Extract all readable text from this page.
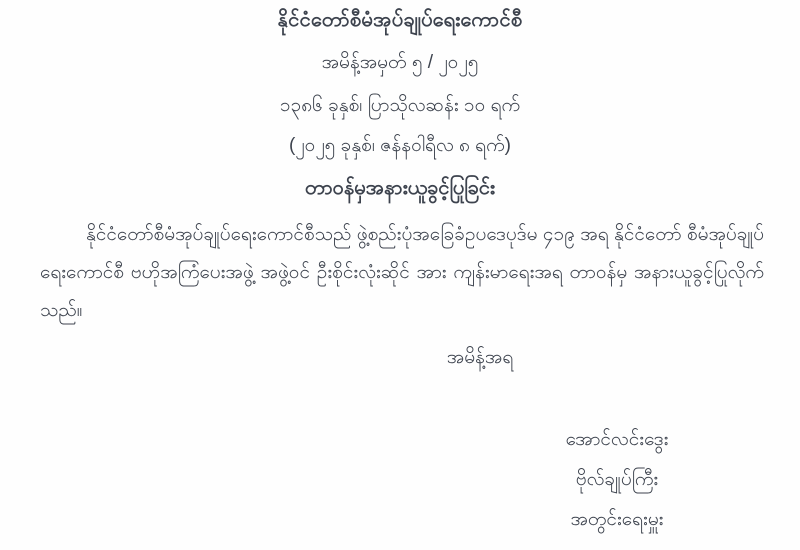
နိုင်ငံတော်စီမံအုပ်ချုပ်ရေးကောင်စီ
အမိန့်အမှတ် ၅ / ၂၀၂၅
၁၃၈၆ ခုနှစ်၊ ပြာသိုလဆန်း ၁၀ ရက်
(၂၀၂၅ ခုနှစ်၊ ဇန်နဝါရီလ ၈ ရက်)
တာဝန်မှအနားယူခွင့်ပြုခြင်း

နိုင်ငံတော်စီမံအုပ်ချုပ်ရေးကောင်စီသည် ဖွဲ့စည်းပုံအခြေခံဥပဒေပုဒ်မ ၄၁၉ အရ နိုင်ငံတော် စီမံအုပ်ချုပ်ရေးကောင်စီ ဗဟိုအကြံပေးအဖွဲ့ အဖွဲ့ဝင် ဦးစိုင်းလုံးဆိုင် အား ကျန်းမာရေးအရ တာဝန်မှ အနားယူခွင့်ပြုလိုက်သည်။

အမိန့်အရ
အောင်လင်းဒွေး
ဗိုလ်ချုပ်ကြီး
အတွင်းရေးမှူး
